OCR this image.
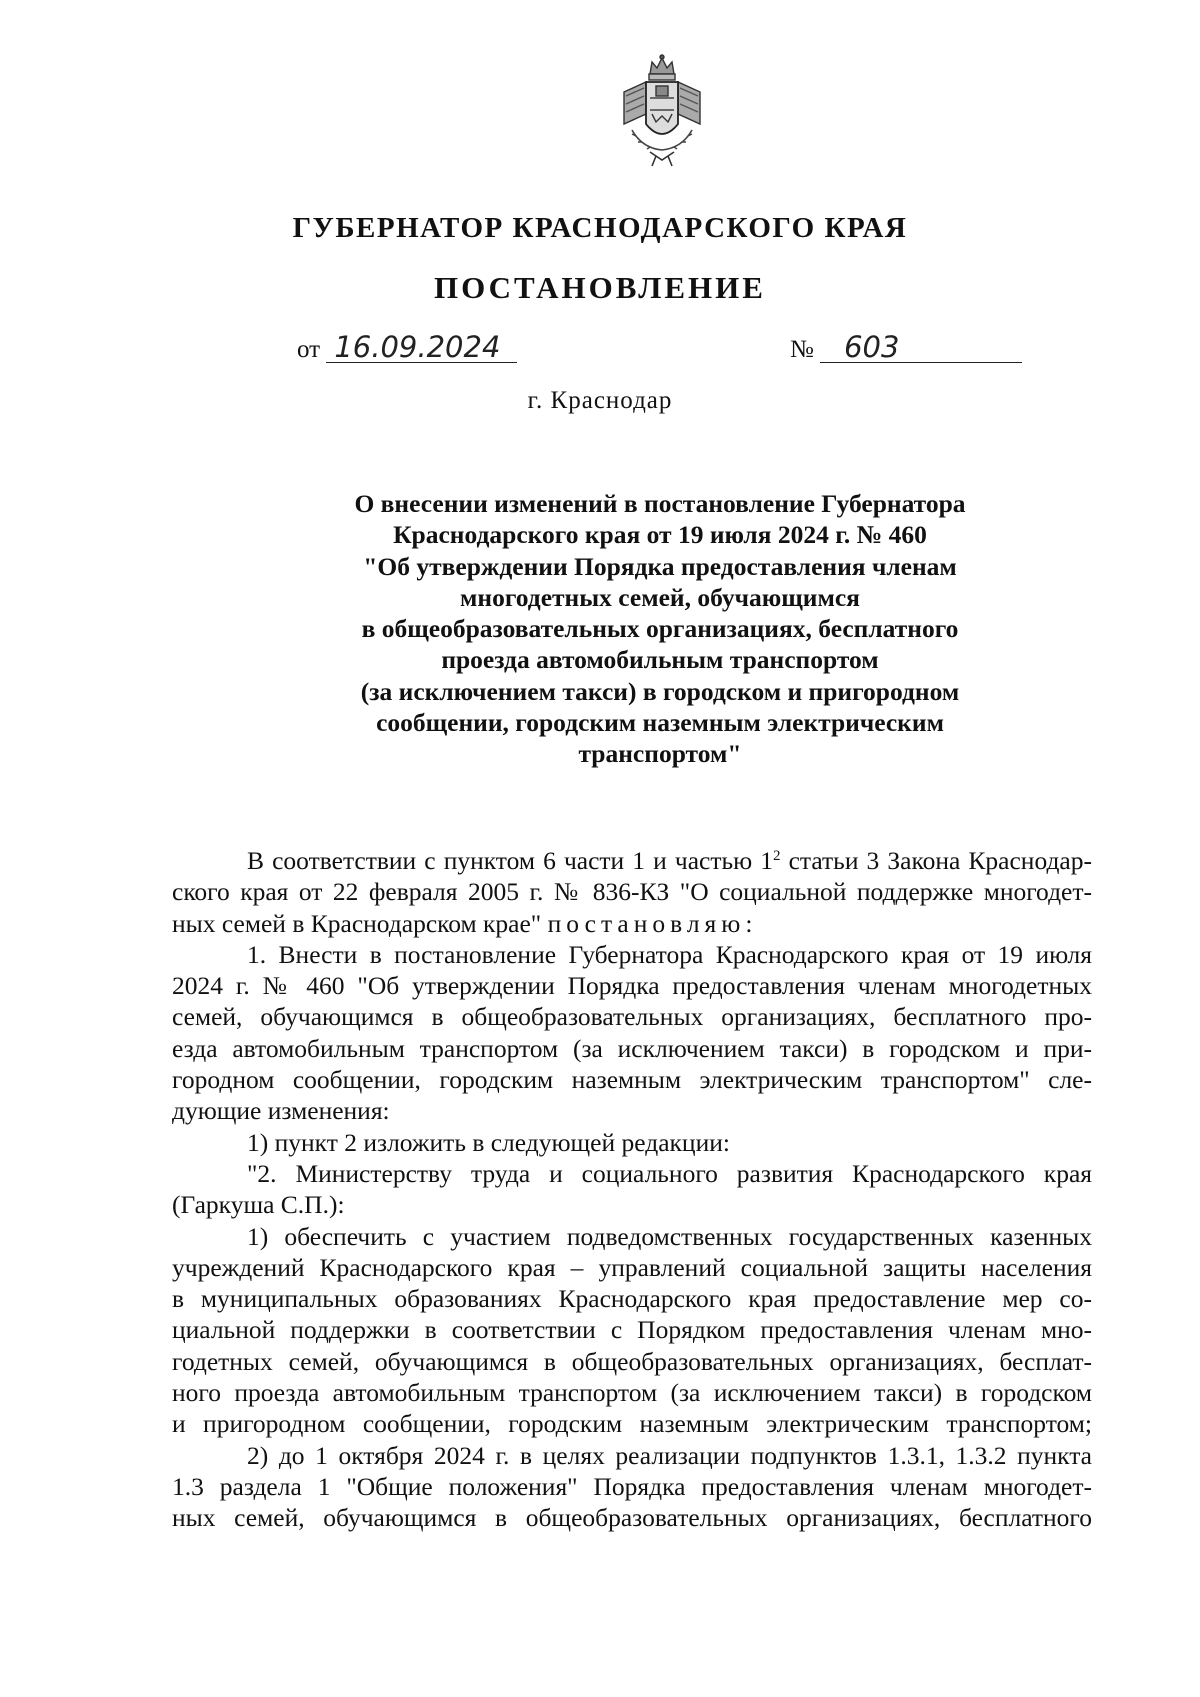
ГУБЕРНАТОР КРАСНОДАРСКОГО КРАЯ
ПОСТАНОВЛЕНИЕ
от 16.09.2024	№ 603
г. Краснодар
О внесении изменений в постановление Губернатора
Краснодарского края от 19 июля 2024 г. № 460
"Об утверждении Порядка предоставления членам
многодетных семей, обучающимся
в общеобразовательных организациях, бесплатного
проезда автомобильным транспортом
(за исключением такси) в городском и пригородном
сообщении, городским наземным электрическим
транспортом"
В соответствии с пунктом 6 части 1 и частью $1^2$ статьи 3 Закона Краснодар-
ского края от 22 февраля 2005 г. № 836-КЗ "О социальной поддержке многодет-
ных семей в Краснодарском крае" постановляю:
1. Внести в постановление Губернатора Краснодарского края от 19 июля
2024 г. № 460 "Об утверждении Порядка предоставления членам многодетных
семей, обучающимся в общеобразовательных организациях, бесплатного про-
езда автомобильным транспортом (за исключением такси) в городском и при-
городном сообщении, городским наземным электрическим транспортом" сле-
дующие изменения:
1) пункт 2 изложить в следующей редакции:
"2. Министерству труда и социального развития Краснодарского края
(Гаркуша С.П.):
1) обеспечить с участием подведомственных государственных казенных
учреждений Краснодарского края – управлений социальной защиты населения
в муниципальных образованиях Краснодарского края предоставление мер со-
циальной поддержки в соответствии с Порядком предоставления членам мно-
годетных семей, обучающимся в общеобразовательных организациях, бесплат-
ного проезда автомобильным транспортом (за исключением такси) в городском
и пригородном сообщении, городским наземным электрическим транспортом;
2) до 1 октября 2024 г. в целях реализации подпунктов 1.3.1, 1.3.2 пункта
1.3 раздела 1 "Общие положения" Порядка предоставления членам многодет-
ных семей, обучающимся в общеобразовательных организациях, бесплатного
